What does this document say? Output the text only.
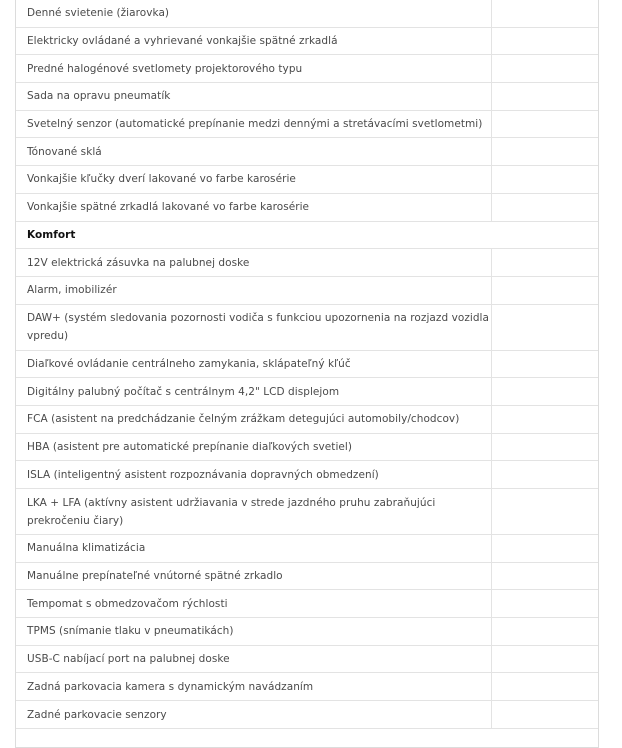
Denné svietenie (žiarovka)
Elektricky ovládané a vyhrievané vonkajšie spätné zrkadlá
Predné halogénové svetlomety projektorového typu
Sada na opravu pneumatík
Svetelný senzor (automatické prepínanie medzi dennými a stretávacími svetlometmi)
Tónované sklá
Vonkajšie kľučky dverí lakované vo farbe karosérie
Vonkajšie spätné zrkadlá lakované vo farbe karosérie
Komfort
12V elektrická zásuvka na palubnej doske
Alarm, imobilizér
DAW+ (systém sledovania pozornosti vodiča s funkciou upozornenia na rozjazd vozidla vpredu)
Diaľkové ovládanie centrálneho zamykania, sklápateľný kľúč
Digitálny palubný počítač s centrálnym 4,2" LCD displejom
FCA (asistent na predchádzanie čelným zrážkam detegujúci automobily/chodcov)
HBA (asistent pre automatické prepínanie diaľkových svetiel)
ISLA (inteligentný asistent rozpoznávania dopravných obmedzení)
LKA + LFA (aktívny asistent udržiavania v strede jazdného pruhu zabraňujúci prekročeniu čiary)
Manuálna klimatizácia
Manuálne prepínateľné vnútorné spätné zrkadlo
Tempomat s obmedzovačom rýchlosti
TPMS (snímanie tlaku v pneumatikách)
USB-C nabíjací port na palubnej doske
Zadná parkovacia kamera s dynamickým navádzaním
Zadné parkovacie senzory
